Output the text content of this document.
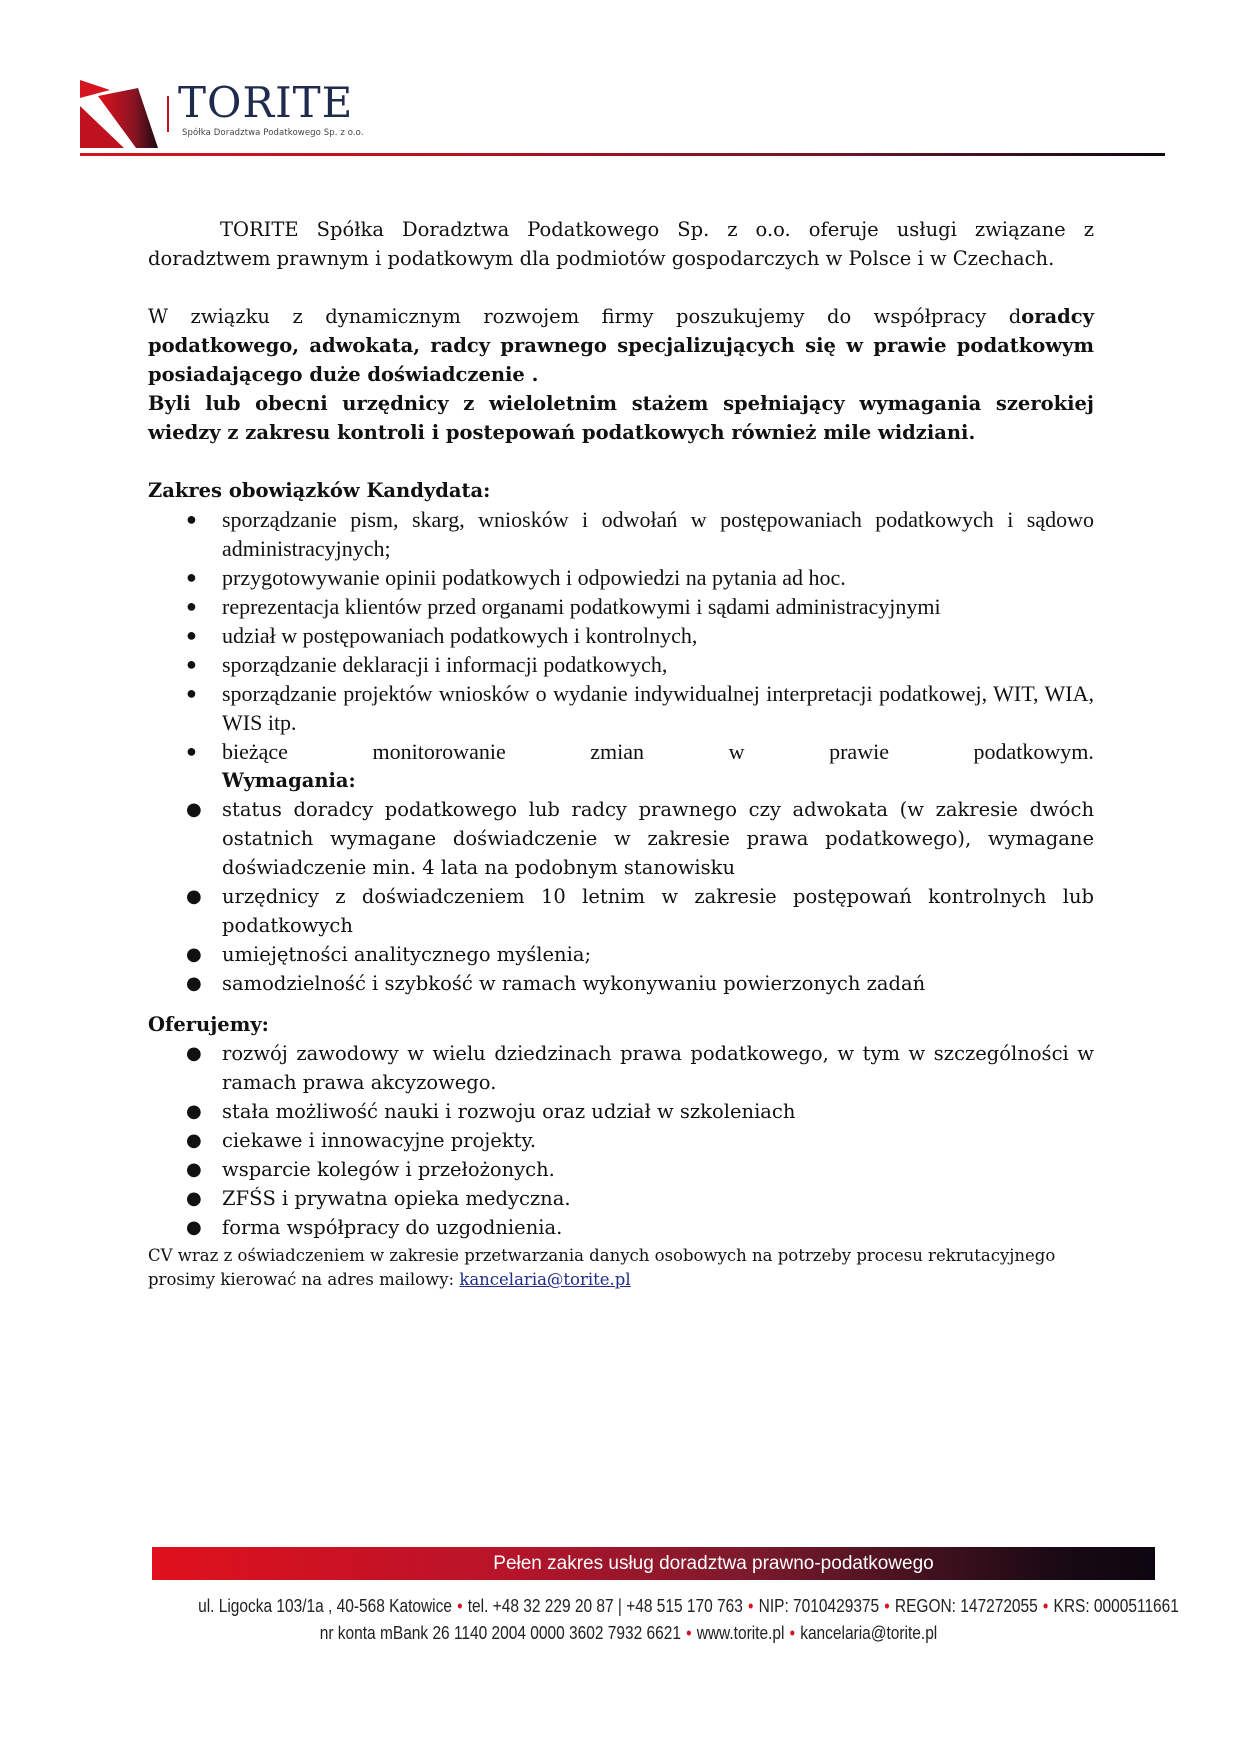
TORITE
Spółka Doradztwa Podatkowego Sp. z o.o.

TORITE Spółka Doradztwa Podatkowego Sp. z o.o. oferuje usługi związane z doradztwem prawnym i podatkowym dla podmiotów gospodarczych w Polsce i w Czechach.

W związku z dynamicznym rozwojem firmy poszukujemy do współpracy doradcy podatkowego, adwokata, radcy prawnego specjalizujących się w prawie podatkowym posiadającego duże doświadczenie .
Byli lub obecni urzędnicy z wieloletnim stażem spełniający wymagania szerokiej wiedzy z zakresu kontroli i postepowań podatkowych również mile widziani.

Zakres obowiązków Kandydata:
● sporządzanie pism, skarg, wniosków i odwołań w postępowaniach podatkowych i sądowo administracyjnych;
● przygotowywanie opinii podatkowych i odpowiedzi na pytania ad hoc.
● reprezentacja klientów przed organami podatkowymi i sądami administracyjnymi
● udział w postępowaniach podatkowych i kontrolnych,
● sporządzanie deklaracji i informacji podatkowych,
● sporządzanie projektów wniosków o wydanie indywidualnej interpretacji podatkowej, WIT, WIA, WIS itp.
● bieżące	monitorowanie	zmian	w	prawie	podatkowym.
Wymagania:
● status doradcy podatkowego lub radcy prawnego czy adwokata (w zakresie dwóch ostatnich wymagane doświadczenie w zakresie prawa podatkowego), wymagane doświadczenie min. 4 lata na podobnym stanowisku
● urzędnicy z doświadczeniem 10 letnim w zakresie postępowań kontrolnych lub podatkowych
● umiejętności analitycznego myślenia;
● samodzielność i szybkość w ramach wykonywaniu powierzonych zadań
Oferujemy:
● rozwój zawodowy w wielu dziedzinach prawa podatkowego, w tym w szczególności w ramach prawa akcyzowego.
● stała możliwość nauki i rozwoju oraz udział w szkoleniach
● ciekawe i innowacyjne projekty.
● wsparcie kolegów i przełożonych.
● ZFŚS i prywatna opieka medyczna.
● forma współpracy do uzgodnienia.
CV wraz z oświadczeniem w zakresie przetwarzania danych osobowych na potrzeby procesu rekrutacyjnego prosimy kierować na adres mailowy: kancelaria@torite.pl
Pełen zakres usług doradztwa prawno-podatkowego
ul. Ligocka 103/1a , 40-568 Katowice • tel. +48 32 229 20 87 | +48 515 170 763 • NIP: 7010429375 • REGON: 147272055 • KRS: 0000511661
nr konta mBank 26 1140 2004 0000 3602 7932 6621 • www.torite.pl • kancelaria@torite.pl
